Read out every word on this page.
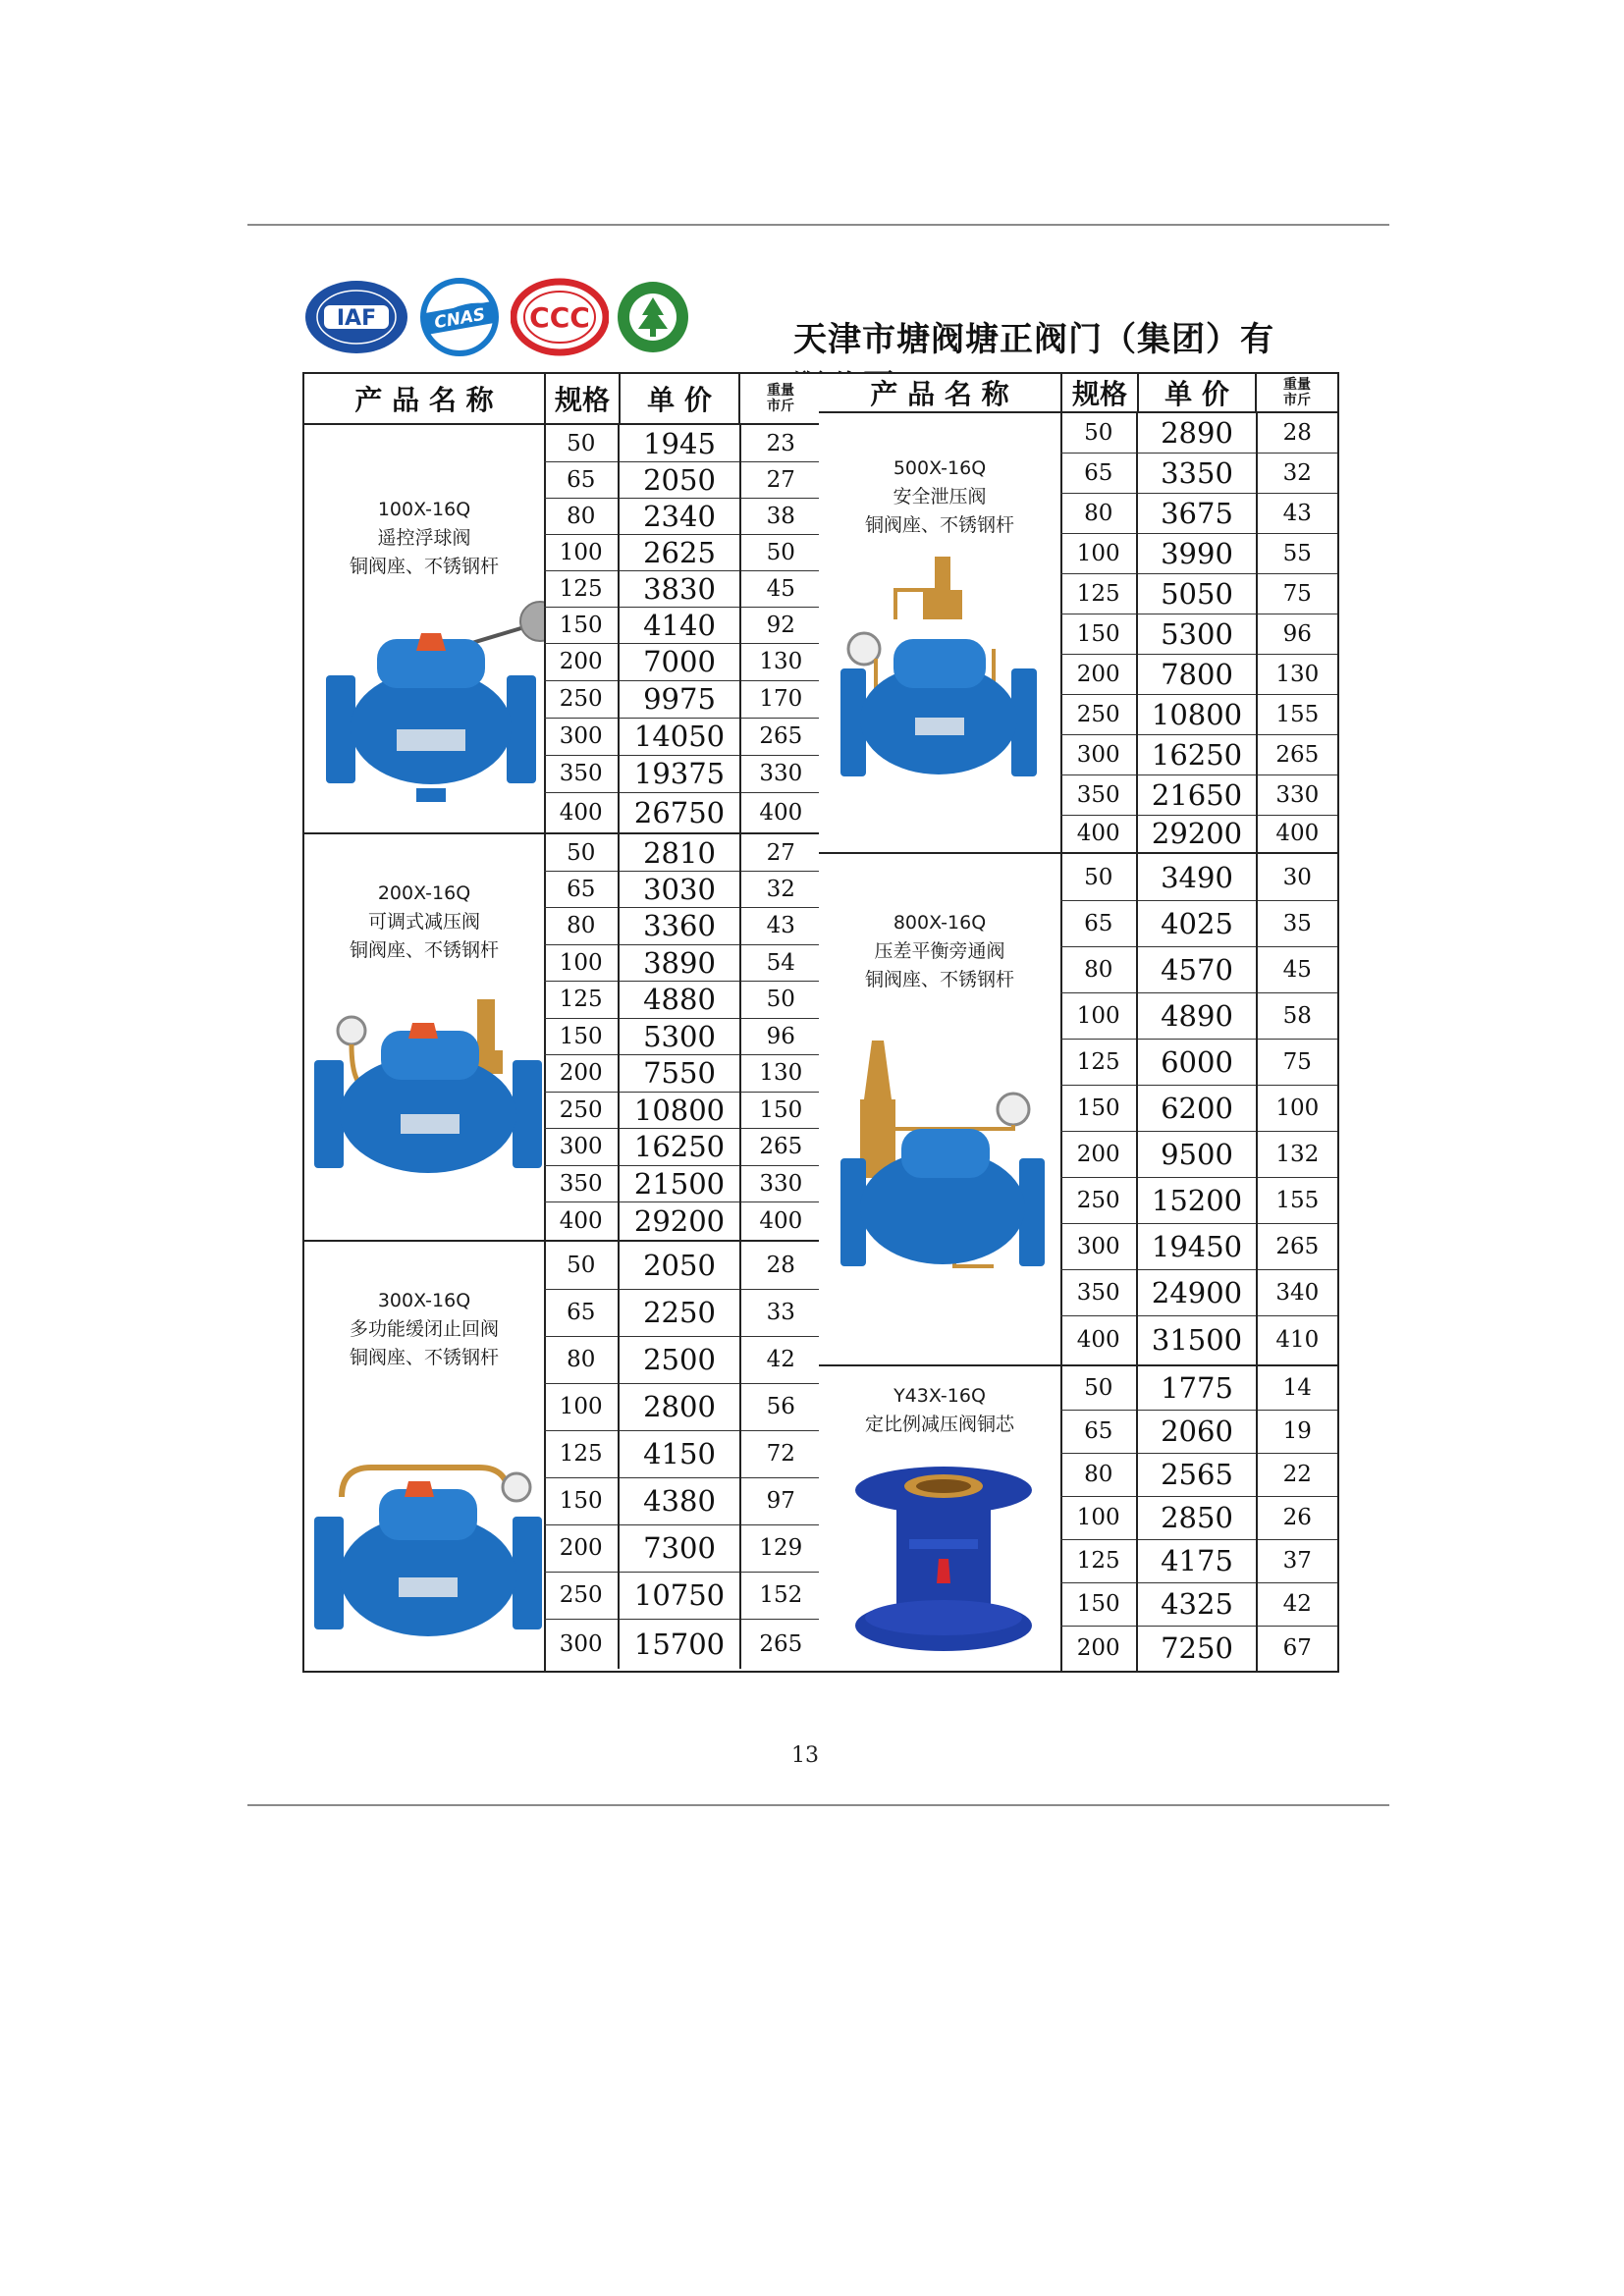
IAF	CNAS CCC
天津市塘阀塘正阀门（集团）有
产 品 名 称	规格	单 价	重量
市斤
100X-16Q
遥控浮球阀
铜阀座、不锈钢杆
50	1945	23
65	2050	27
80	2340	38
100	2625	50
125	3830	45
150	4140	92
200	7000	130
250	9975	170
300	14050	265
350	19375	330
400	26750	400
200X-16Q
可调式减压阀
铜阀座、不锈钢杆
50	2810	27
65	3030	32
80	3360	43
100	3890	54
125	4880	50
150	5300	96
200	7550	130
250	10800	150
300	16250	265
350	21500	330
400	29200	400
300X-16Q
多功能缓闭止回阀
铜阀座、不锈钢杆
50	2050	28
65	2250	33
80	2500	42
100	2800	56
125	4150	72
150	4380	97
200	7300	129
250	10750	152
300	15700	265
产 品 名 称	规格	单 价	重量
市斤
500X-16Q
安全泄压阀
铜阀座、不锈钢杆
50	2890	28
65	3350	32
80	3675	43
100	3990	55
125	5050	75
150	5300	96
200	7800	130
250	10800	155
300	16250	265
350	21650	330
400	29200	400
800X-16Q
压差平衡旁通阀
铜阀座、不锈钢杆
50	3490	30
65	4025	35
80	4570	45
100	4890	58
125	6000	75
150	6200	100
200	9500	132
250	15200	155
300	19450	265
350	24900	340
400	31500	410
Y43X-16Q
定比例减压阀铜芯
50	1775	14
65	2060	19
80	2565	22
100	2850	26
125	4175	37
150	4325	42
200	7250	67
13
